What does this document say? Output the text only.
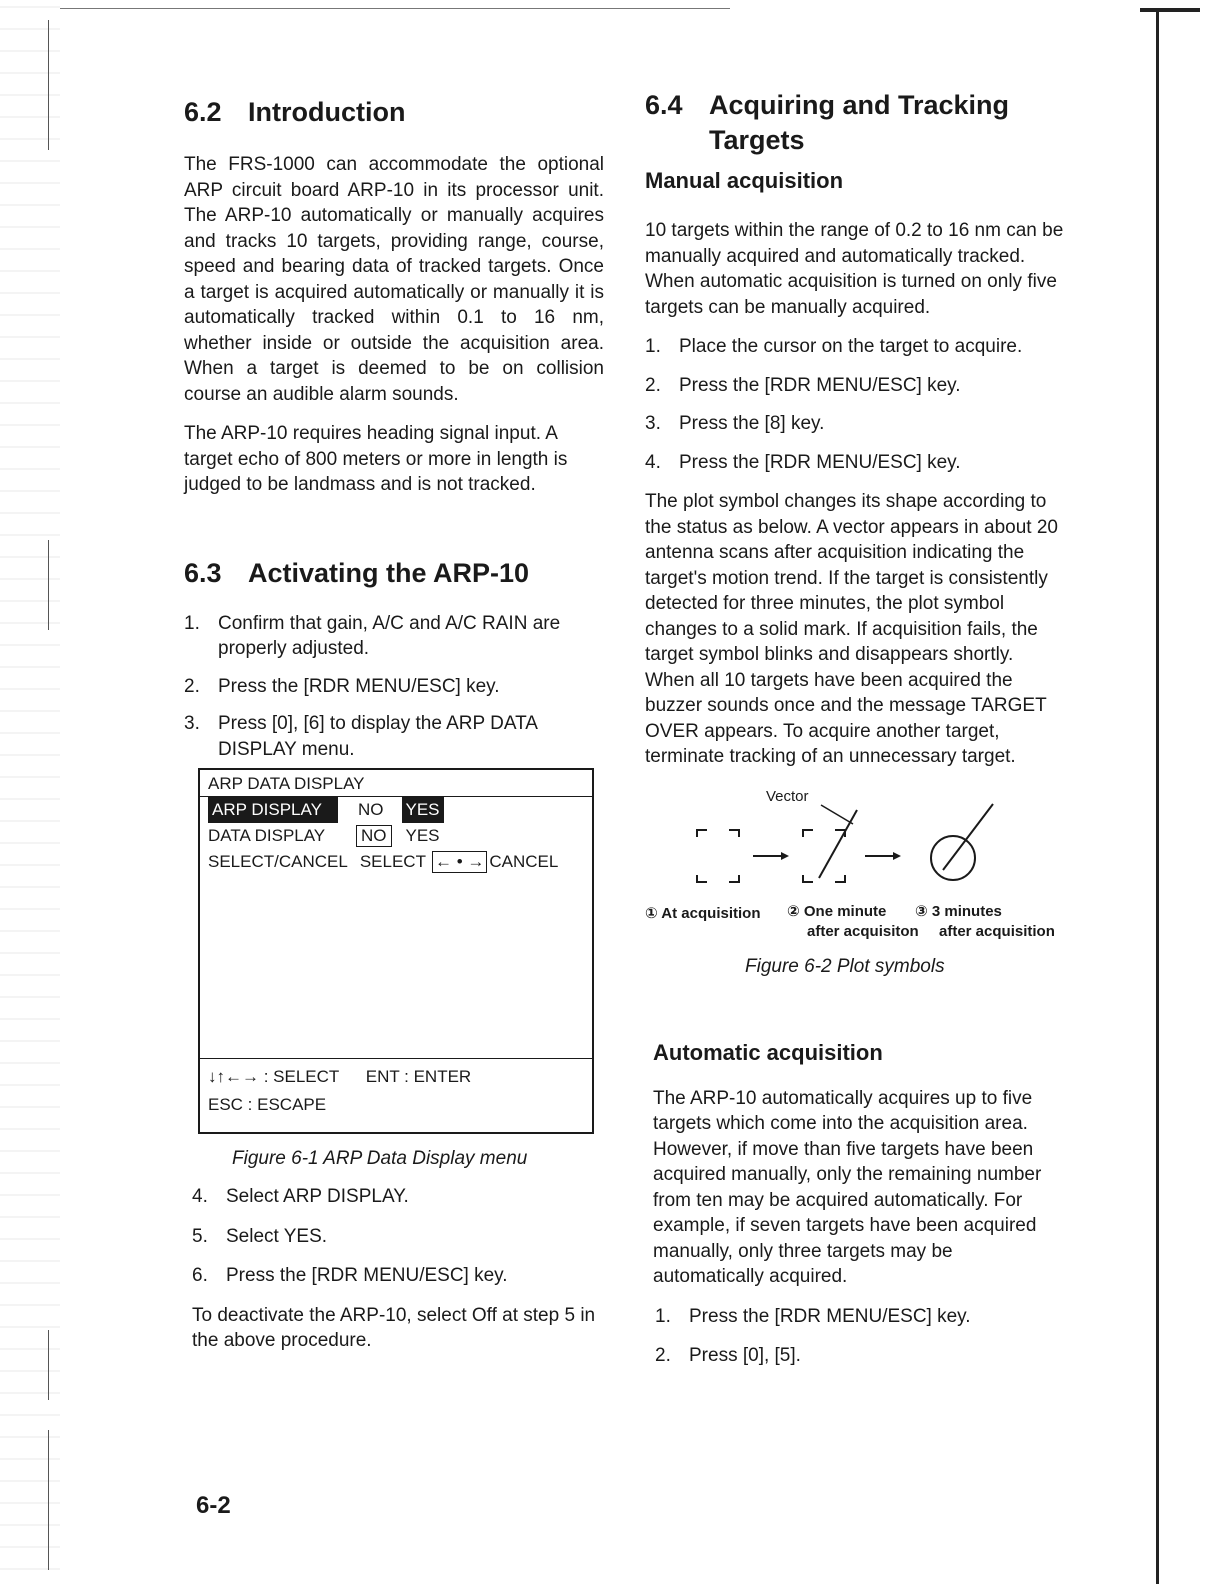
6.2 Introduction

The FRS-1000 can accommodate the optional ARP circuit board ARP-10 in its processor unit. The ARP-10 automatically or manually acquires and tracks 10 targets, providing range, course, speed and bearing data of tracked targets. Once a target is acquired automatically or manually it is automatically tracked within 0.1 to 16 nm, whether inside or outside the acquisition area. When a target is deemed to be on collision course an audible alarm sounds.

The ARP-10 requires heading signal input. A target echo of 800 meters or more in length is judged to be landmass and is not tracked.

6.3 Activating the ARP-10
1. Confirm that gain, A/C and A/C RAIN are properly adjusted.
2. Press the [RDR MENU/ESC] key.
3. Press [0], [6] to display the ARP DATA DISPLAY menu.
ARP DATA DISPLAY
ARP DISPLAY	NO YES
DATA DISPLAY	NO YES
SELECT/CANCEL SELECT ← • → CANCEL
↓↑←→ : SELECT ENT : ENTER
ESC : ESCAPE
Figure 6-1 ARP Data Display menu
4. Select ARP DISPLAY.
5. Select YES.
6. Press the [RDR MENU/ESC] key.

To deactivate the ARP-10, select Off at step 5 in the above procedure.

6.4 Acquiring and Tracking
Targets
Manual acquisition

10 targets within the range of 0.2 to 16 nm can be manually acquired and automatically tracked. When automatic acquisition is turned on only five targets can be manually acquired.

1. Place the cursor on the target to acquire.
2. Press the [RDR MENU/ESC] key.
3. Press the [8] key.
4. Press the [RDR MENU/ESC] key.

The plot symbol changes its shape according to the status as below. A vector appears in about 20 antenna scans after acquisition indicating the target's motion trend. If the target is consistently detected for three minutes, the plot symbol changes to a solid mark. If acquisition fails, the target symbol blinks and disappears shortly. When all 10 targets have been acquired the buzzer sounds once and the message TARGET OVER appears. To acquire another target, terminate tracking of an unnecessary target.

Vector
① At acquisition ② One minute
after acquisiton
③ 3 minutes
after acquisition
Figure 6-2 Plot symbols
Automatic acquisition

The ARP-10 automatically acquires up to five targets which come into the acquisition area. However, if move than five targets have been acquired manually, only the remaining number from ten may be acquired automatically. For example, if seven targets have been acquired manually, only three targets may be automatically acquired.

1. Press the [RDR MENU/ESC] key.
2. Press [0], [5].
6-2
